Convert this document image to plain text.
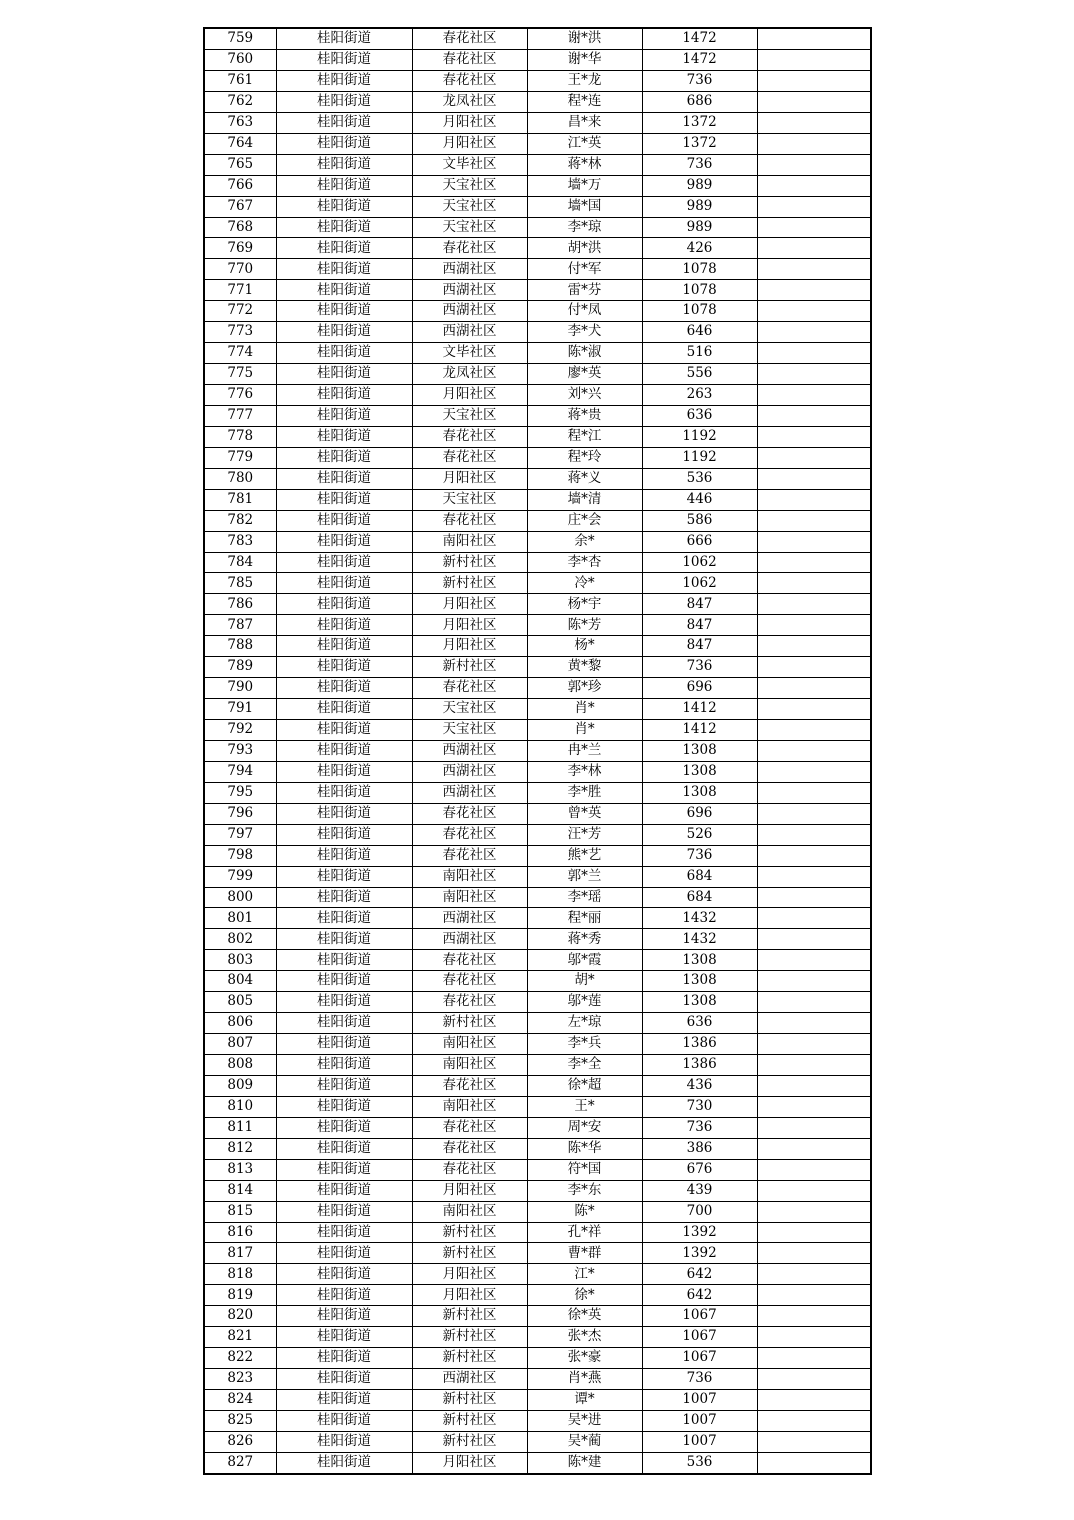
759	桂阳街道	春花社区	谢*洪	1472	
760	桂阳街道	春花社区	谢*华	1472	
761	桂阳街道	春花社区	王*龙	736	
762	桂阳街道	龙凤社区	程*连	686	
763	桂阳街道	月阳社区	昌*来	1372	
764	桂阳街道	月阳社区	江*英	1372	
765	桂阳街道	文毕社区	蒋*林	736	
766	桂阳街道	天宝社区	墙*万	989	
767	桂阳街道	天宝社区	墙*国	989	
768	桂阳街道	天宝社区	李*琼	989	
769	桂阳街道	春花社区	胡*洪	426	
770	桂阳街道	西湖社区	付*军	1078	
771	桂阳街道	西湖社区	雷*芬	1078	
772	桂阳街道	西湖社区	付*凤	1078	
773	桂阳街道	西湖社区	李*犬	646	
774	桂阳街道	文毕社区	陈*淑	516	
775	桂阳街道	龙凤社区	廖*英	556	
776	桂阳街道	月阳社区	刘*兴	263	
777	桂阳街道	天宝社区	蒋*贵	636	
778	桂阳街道	春花社区	程*江	1192	
779	桂阳街道	春花社区	程*玲	1192	
780	桂阳街道	月阳社区	蒋*义	536	
781	桂阳街道	天宝社区	墙*清	446	
782	桂阳街道	春花社区	庄*会	586	
783	桂阳街道	南阳社区	余*	666	
784	桂阳街道	新村社区	李*杏	1062	
785	桂阳街道	新村社区	冷*	1062	
786	桂阳街道	月阳社区	杨*宇	847	
787	桂阳街道	月阳社区	陈*芳	847	
788	桂阳街道	月阳社区	杨*	847	
789	桂阳街道	新村社区	黄*黎	736	
790	桂阳街道	春花社区	郭*珍	696	
791	桂阳街道	天宝社区	肖*	1412	
792	桂阳街道	天宝社区	肖*	1412	
793	桂阳街道	西湖社区	冉*兰	1308	
794	桂阳街道	西湖社区	李*林	1308	
795	桂阳街道	西湖社区	李*胜	1308	
796	桂阳街道	春花社区	曾*英	696	
797	桂阳街道	春花社区	汪*芳	526	
798	桂阳街道	春花社区	熊*艺	736	
799	桂阳街道	南阳社区	郭*兰	684	
800	桂阳街道	南阳社区	李*瑶	684	
801	桂阳街道	西湖社区	程*丽	1432	
802	桂阳街道	西湖社区	蒋*秀	1432	
803	桂阳街道	春花社区	邬*霞	1308	
804	桂阳街道	春花社区	胡*	1308	
805	桂阳街道	春花社区	邬*莲	1308	
806	桂阳街道	新村社区	左*琼	636	
807	桂阳街道	南阳社区	李*兵	1386	
808	桂阳街道	南阳社区	李*全	1386	
809	桂阳街道	春花社区	徐*超	436	
810	桂阳街道	南阳社区	王*	730	
811	桂阳街道	春花社区	周*安	736	
812	桂阳街道	春花社区	陈*华	386	
813	桂阳街道	春花社区	符*国	676	
814	桂阳街道	月阳社区	李*东	439	
815	桂阳街道	南阳社区	陈*	700	
816	桂阳街道	新村社区	孔*祥	1392	
817	桂阳街道	新村社区	曹*群	1392	
818	桂阳街道	月阳社区	江*	642	
819	桂阳街道	月阳社区	徐*	642	
820	桂阳街道	新村社区	徐*英	1067	
821	桂阳街道	新村社区	张*杰	1067	
822	桂阳街道	新村社区	张*豪	1067	
823	桂阳街道	西湖社区	肖*燕	736	
824	桂阳街道	新村社区	谭*	1007	
825	桂阳街道	新村社区	吴*进	1007	
826	桂阳街道	新村社区	吴*蔺	1007	
827	桂阳街道	月阳社区	陈*建	536	
